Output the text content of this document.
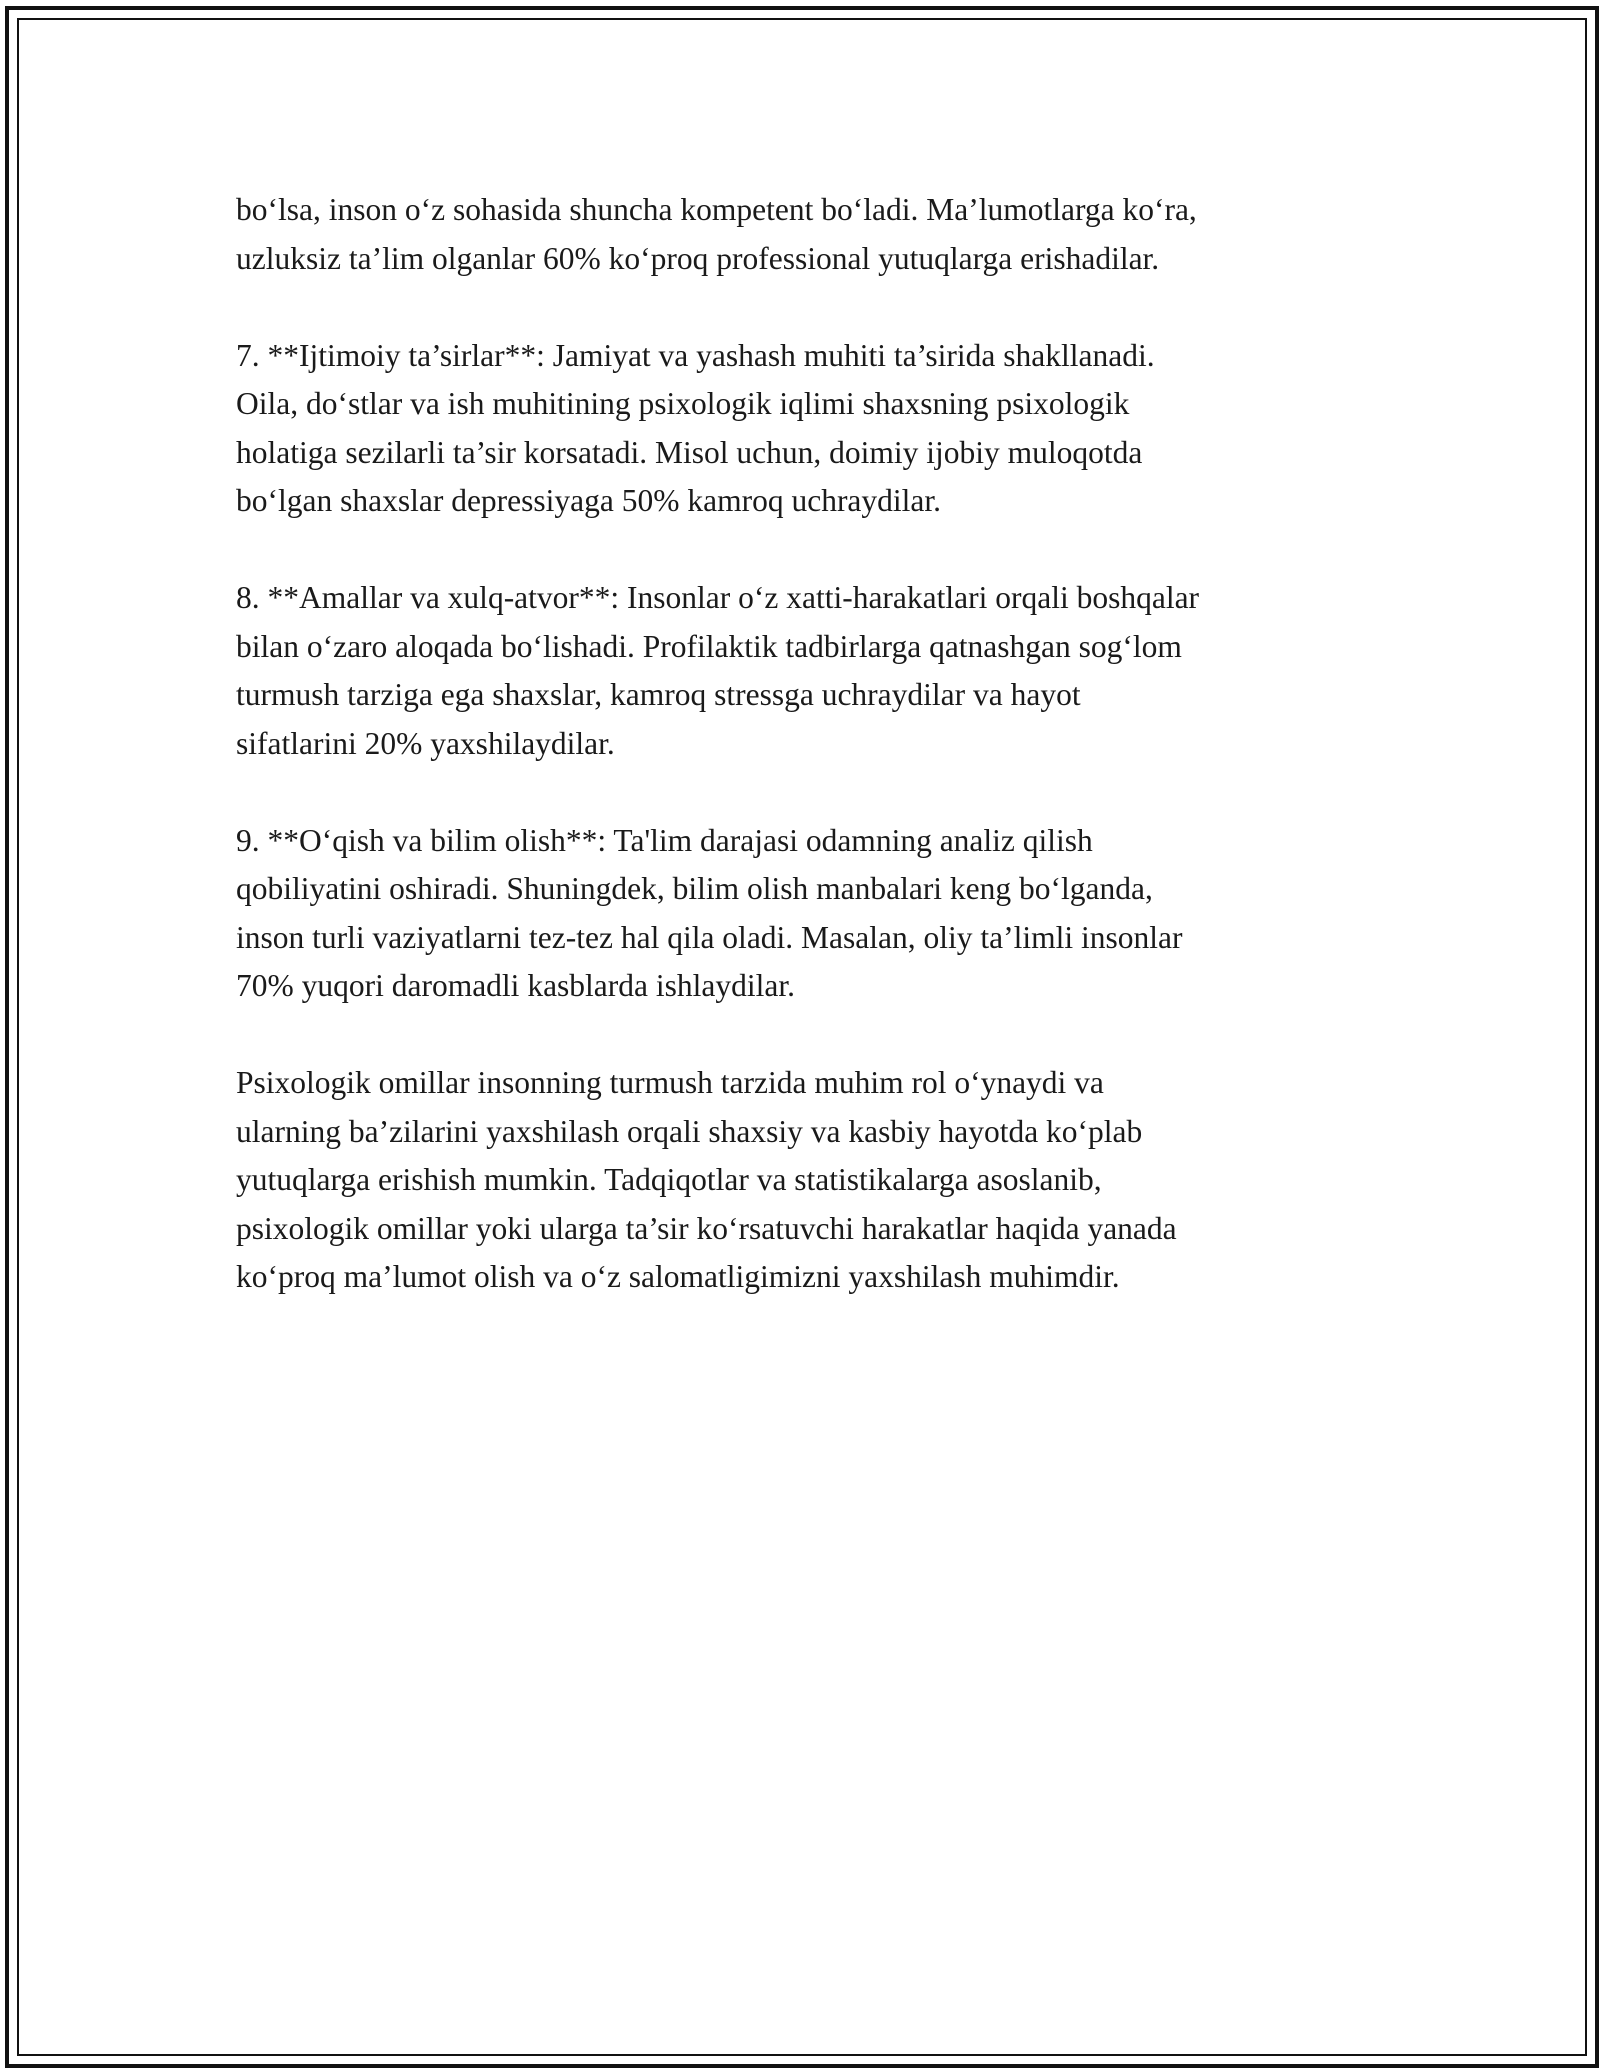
bo‘lsa, inson o‘z sohasida shuncha kompetent bo‘ladi. Ma’lumotlarga ko‘ra,
uzluksiz ta’lim olganlar 60% ko‘proq professional yutuqlarga erishadilar.

7. **Ijtimoiy ta’sirlar**: Jamiyat va yashash muhiti ta’sirida shakllanadi.
Oila, do‘stlar va ish muhitining psixologik iqlimi shaxsning psixologik
holatiga sezilarli ta’sir korsatadi. Misol uchun, doimiy ijobiy muloqotda
bo‘lgan shaxslar depressiyaga 50% kamroq uchraydilar.

8. **Amallar va xulq-atvor**: Insonlar o‘z xatti-harakatlari orqali boshqalar
bilan o‘zaro aloqada bo‘lishadi. Profilaktik tadbirlarga qatnashgan sog‘lom
turmush tarziga ega shaxslar, kamroq stressga uchraydilar va hayot
sifatlarini 20% yaxshilaydilar.

9. **O‘qish va bilim olish**: Ta'lim darajasi odamning analiz qilish
qobiliyatini oshiradi. Shuningdek, bilim olish manbalari keng bo‘lganda,
inson turli vaziyatlarni tez-tez hal qila oladi. Masalan, oliy ta’limli insonlar
70% yuqori daromadli kasblarda ishlaydilar.

Psixologik omillar insonning turmush tarzida muhim rol o‘ynaydi va
ularning ba’zilarini yaxshilash orqali shaxsiy va kasbiy hayotda ko‘plab
yutuqlarga erishish mumkin. Tadqiqotlar va statistikalarga asoslanib,
psixologik omillar yoki ularga ta’sir ko‘rsatuvchi harakatlar haqida yanada
ko‘proq ma’lumot olish va o‘z salomatligimizni yaxshilash muhimdir.
